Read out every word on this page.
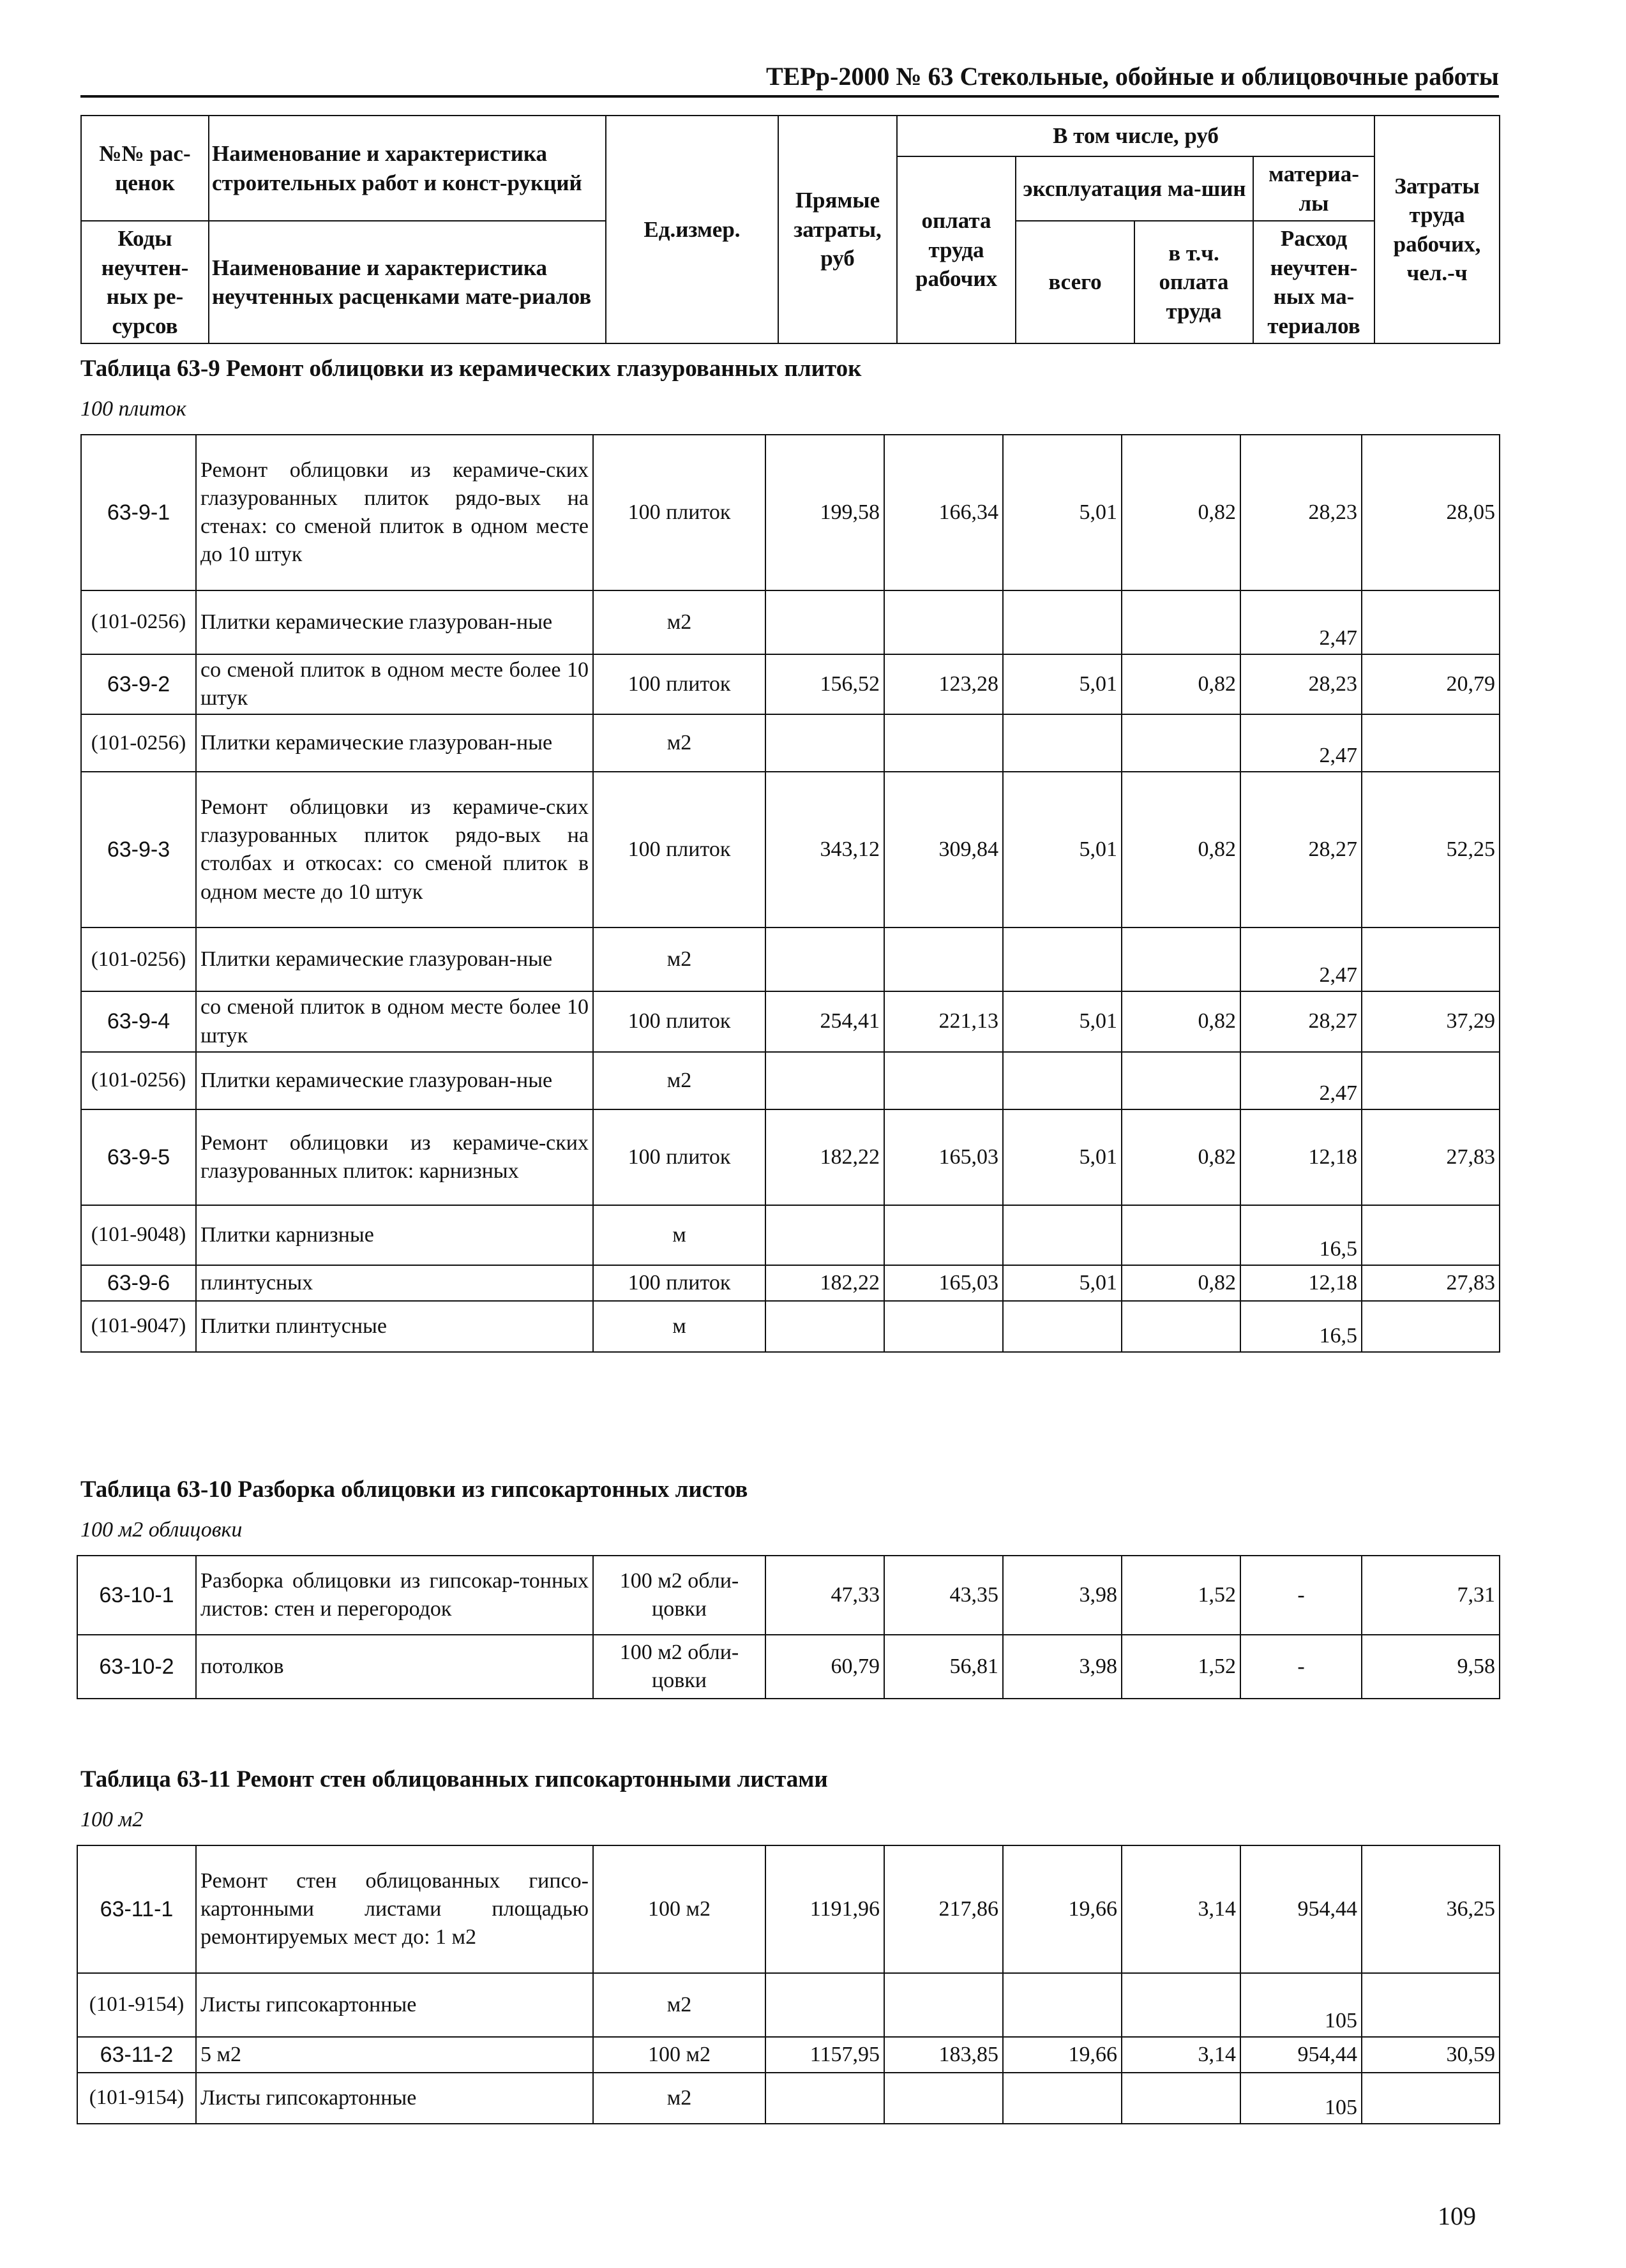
ТЕРр-2000 № 63 Стекольные, обойные и облицовочные работы
№№ рас-ценок	Наименование и характеристика строительных работ и конст-рукций	Ед.измер.	Прямые затраты, руб	В том числе, руб				Затраты труда рабочих, чел.-ч
				оплата труда рабочих	эксплуатация ма-шин		материа-лы	
Коды неучтен-ных ре-сурсов	Наименование и характеристика неучтенных расценками мате-риалов				всего	в т.ч. оплата труда	Расход неучтен-ных ма-териалов	

Таблица 63-9 Ремонт облицовки из керамических глазурованных плиток
100 плиток
63-9-1	Ремонт облицовки из керамиче-ских глазурованных плиток рядо-вых на стенах: со сменой плиток в одном месте до 10 штук	100 плиток	199,58	166,34	5,01	0,82	28,23	28,05
(101-0256)	Плитки керамические глазурован-ные	м2					2,47	
63-9-2	со сменой плиток в одном месте более 10 штук	100 плиток	156,52	123,28	5,01	0,82	28,23	20,79
(101-0256)	Плитки керамические глазурован-ные	м2					2,47	
63-9-3	Ремонт облицовки из керамиче-ских глазурованных плиток рядо-вых на столбах и откосах: со сменой плиток в одном месте до 10 штук	100 плиток	343,12	309,84	5,01	0,82	28,27	52,25
(101-0256)	Плитки керамические глазурован-ные	м2					2,47	
63-9-4	со сменой плиток в одном месте более 10 штук	100 плиток	254,41	221,13	5,01	0,82	28,27	37,29
(101-0256)	Плитки керамические глазурован-ные	м2					2,47	
63-9-5	Ремонт облицовки из керамиче-ских глазурованных плиток: карнизных	100 плиток	182,22	165,03	5,01	0,82	12,18	27,83
(101-9048)	Плитки карнизные	м					16,5	
63-9-6	плинтусных	100 плиток	182,22	165,03	5,01	0,82	12,18	27,83
(101-9047)	Плитки плинтусные	м					16,5	
Таблица 63-10 Разборка облицовки из гипсокартонных листов
100 м2 облицовки
63-10-1	Разборка облицовки из гипсокар-тонных листов: стен и перегородок	100 м2 обли-цовки	47,33	43,35	3,98	1,52	-	7,31
63-10-2	потолков	100 м2 обли-цовки	60,79	56,81	3,98	1,52	-	9,58
Таблица 63-11 Ремонт стен облицованных гипсокартонными листами
100 м2
63-11-1	Ремонт стен облицованных гипсо-картонными листами площадью ремонтируемых мест до: 1 м2	100 м2	1191,96	217,86	19,66	3,14	954,44	36,25
(101-9154)	Листы гипсокартонные	м2					105	
63-11-2	5 м2	100 м2	1157,95	183,85	19,66	3,14	954,44	30,59
(101-9154)	Листы гипсокартонные	м2					105	
109
